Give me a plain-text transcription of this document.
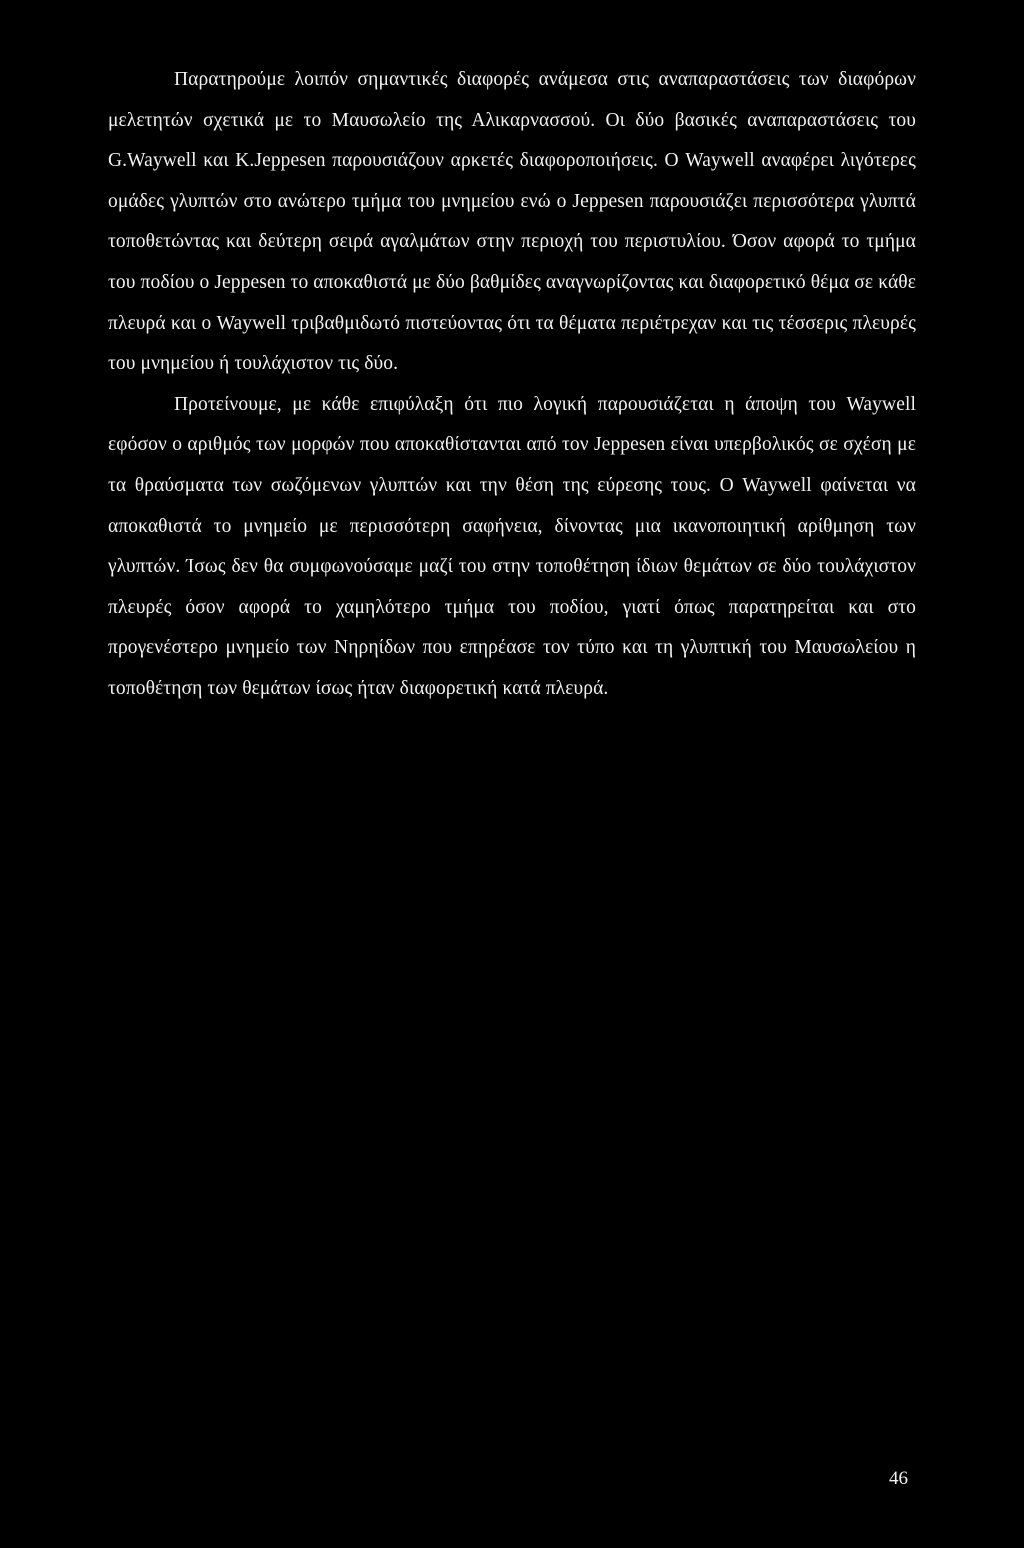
Παρατηρούμε λοιπόν σημαντικές διαφορές ανάμεσα στις αναπαραστάσεις των διαφόρων μελετητών σχετικά με το Μαυσωλείο της Αλικαρνασσού. Οι δύο βασικές αναπαραστάσεις του G.Waywell και K.Jeppesen παρουσιάζουν αρκετές διαφοροποιήσεις. Ο Waywell αναφέρει λιγότερες ομάδες γλυπτών στο ανώτερο τμήμα του μνημείου ενώ ο Jeppesen παρουσιάζει περισσότερα γλυπτά τοποθετώντας και δεύτερη σειρά αγαλμάτων στην περιοχή του περιστυλίου. Όσον αφορά το τμήμα του ποδίου ο Jeppesen το αποκαθιστά με δύο βαθμίδες αναγνωρίζοντας και διαφορετικό θέμα σε κάθε πλευρά και ο Waywell τριβαθμιδωτό πιστεύοντας ότι τα θέματα περιέτρεχαν και τις τέσσερις πλευρές του μνημείου ή τουλάχιστον τις δύο.

Προτείνουμε, με κάθε επιφύλαξη ότι πιο λογική παρουσιάζεται η άποψη του Waywell εφόσον ο αριθμός των μορφών που αποκαθίστανται από τον Jeppesen είναι υπερβολικός σε σχέση με τα θραύσματα των σωζόμενων γλυπτών και την θέση της εύρεσης τους. Ο Waywell φαίνεται να αποκαθιστά το μνημείο με περισσότερη σαφήνεια, δίνοντας μια ικανοποιητική αρίθμηση των γλυπτών. Ίσως δεν θα συμφωνούσαμε μαζί του στην τοποθέτηση ίδιων θεμάτων σε δύο τουλάχιστον πλευρές όσον αφορά το χαμηλότερο τμήμα του ποδίου, γιατί όπως παρατηρείται και στο προγενέστερο μνημείο των Νηρηίδων που επηρέασε τον τύπο και τη γλυπτική του Μαυσωλείου η τοποθέτηση των θεμάτων ίσως ήταν διαφορετική κατά πλευρά.

46
